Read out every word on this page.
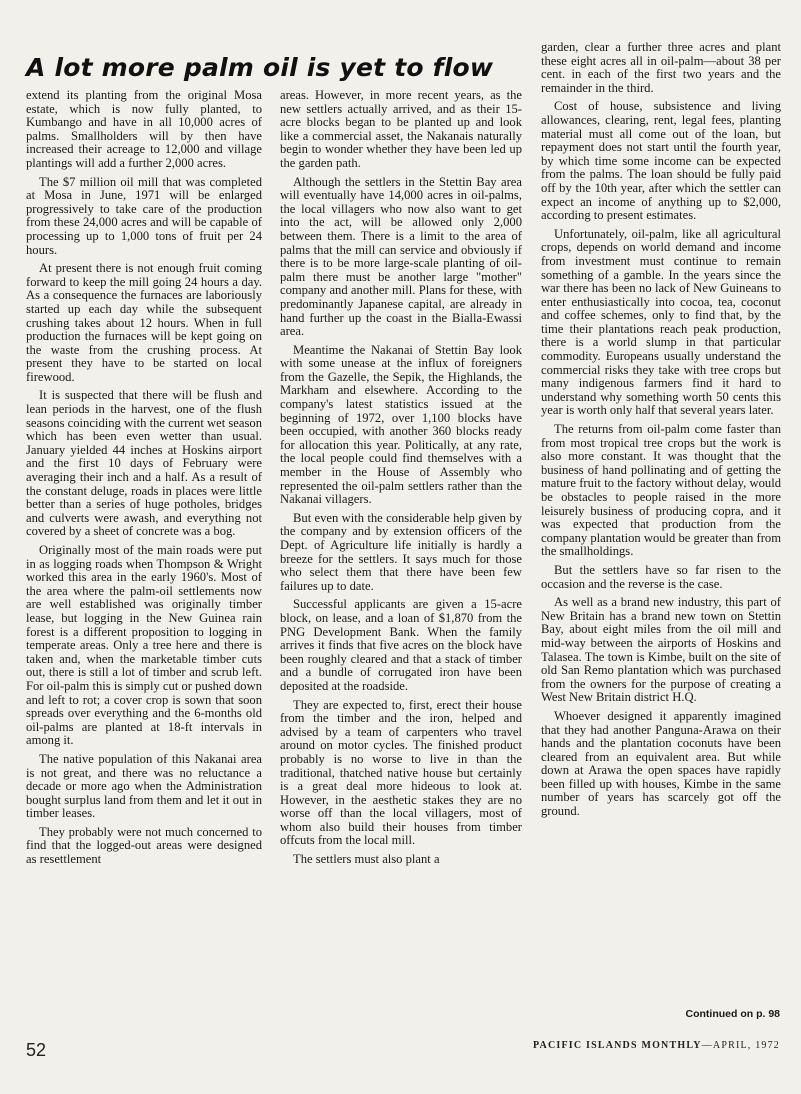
A lot more palm oil is yet to flow

extend its planting from the original Mosa estate, which is now fully planted, to Kumbango and have in all 10,000 acres of palms. Smallholders will by then have increased their acreage to 12,000 and village plantings will add a further 2,000 acres.

The $7 million oil mill that was completed at Mosa in June, 1971 will be enlarged progressively to take care of the production from these 24,000 acres and will be capable of processing up to 1,000 tons of fruit per 24 hours.

At present there is not enough fruit coming forward to keep the mill going 24 hours a day. As a consequence the furnaces are laboriously started up each day while the subsequent crushing takes about 12 hours. When in full production the furnaces will be kept going on the waste from the crushing process. At present they have to be started on local firewood.

It is suspected that there will be flush and lean periods in the harvest, one of the flush seasons coinciding with the current wet season which has been even wetter than usual. January yielded 44 inches at Hoskins airport and the first 10 days of February were averaging their inch and a half. As a result of the constant deluge, roads in places were little better than a series of huge potholes, bridges and culverts were awash, and everything not covered by a sheet of concrete was a bog.

Originally most of the main roads were put in as logging roads when Thompson & Wright worked this area in the early 1960's. Most of the area where the palm-oil settlements now are well established was originally timber lease, but logging in the New Guinea rain forest is a different proposition to logging in temperate areas. Only a tree here and there is taken and, when the marketable timber cuts out, there is still a lot of timber and scrub left. For oil-palm this is simply cut or pushed down and left to rot; a cover crop is sown that soon spreads over everything and the 6-months old oil-palms are planted at 18-ft intervals in among it.

The native population of this Nakanai area is not great, and there was no reluctance a decade or more ago when the Administration bought surplus land from them and let it out in timber leases.

They probably were not much concerned to find that the logged-out areas were designed as resettlement

areas. However, in more recent years, as the new settlers actually arrived, and as their 15-acre blocks began to be planted up and look like a commercial asset, the Nakanais naturally begin to wonder whether they have been led up the garden path.

Although the settlers in the Stettin Bay area will eventually have 14,000 acres in oil-palms, the local villagers who now also want to get into the act, will be allowed only 2,000 between them. There is a limit to the area of palms that the mill can service and obviously if there is to be more large-scale planting of oil-palm there must be another large "mother" company and another mill. Plans for these, with predominantly Japanese capital, are already in hand further up the coast in the Bialla-Ewassi area.

Meantime the Nakanai of Stettin Bay look with some unease at the influx of foreigners from the Gazelle, the Sepik, the Highlands, the Markham and elsewhere. According to the company's latest statistics issued at the beginning of 1972, over 1,100 blocks have been occupied, with another 360 blocks ready for allocation this year. Politically, at any rate, the local people could find themselves with a member in the House of Assembly who represented the oil-palm settlers rather than the Nakanai villagers.

But even with the considerable help given by the company and by extension officers of the Dept. of Agriculture life initially is hardly a breeze for the settlers. It says much for those who select them that there have been few failures up to date.

Successful applicants are given a 15-acre block, on lease, and a loan of $1,870 from the PNG Development Bank. When the family arrives it finds that five acres on the block have been roughly cleared and that a stack of timber and a bundle of corrugated iron have been deposited at the roadside.

They are expected to, first, erect their house from the timber and the iron, helped and advised by a team of carpenters who travel around on motor cycles. The finished product probably is no worse to live in than the traditional, thatched native house but certainly is a great deal more hideous to look at. However, in the aesthetic stakes they are no worse off than the local villagers, most of whom also build their houses from timber offcuts from the local mill.

The settlers must also plant a

garden, clear a further three acres and plant these eight acres all in oil-palm—about 38 per cent. in each of the first two years and the remainder in the third.

Cost of house, subsistence and living allowances, clearing, rent, legal fees, planting material must all come out of the loan, but repayment does not start until the fourth year, by which time some income can be expected from the palms. The loan should be fully paid off by the 10th year, after which the settler can expect an income of anything up to $2,000, according to present estimates.

Unfortunately, oil-palm, like all agricultural crops, depends on world demand and income from investment must continue to remain something of a gamble. In the years since the war there has been no lack of New Guineans to enter enthusiastically into cocoa, tea, coconut and coffee schemes, only to find that, by the time their plantations reach peak production, there is a world slump in that particular commodity. Europeans usually understand the commercial risks they take with tree crops but many indigenous farmers find it hard to understand why something worth 50 cents this year is worth only half that several years later.

The returns from oil-palm come faster than from most tropical tree crops but the work is also more constant. It was thought that the business of hand pollinating and of getting the mature fruit to the factory without delay, would be obstacles to people raised in the more leisurely business of producing copra, and it was expected that production from the company plantation would be greater than from the smallholdings.

But the settlers have so far risen to the occasion and the reverse is the case.

As well as a brand new industry, this part of New Britain has a brand new town on Stettin Bay, about eight miles from the oil mill and mid-way between the airports of Hoskins and Talasea. The town is Kimbe, built on the site of old San Remo plantation which was purchased from the owners for the purpose of creating a West New Britain district H.Q.

Whoever designed it apparently imagined that they had another Panguna-Arawa on their hands and the plantation coconuts have been cleared from an equivalent area. But while down at Arawa the open spaces have rapidly been filled up with houses, Kimbe in the same number of years has scarcely got off the ground.

Continued on p. 98
52	PACIFIC ISLANDS MONTHLY—APRIL, 1972
